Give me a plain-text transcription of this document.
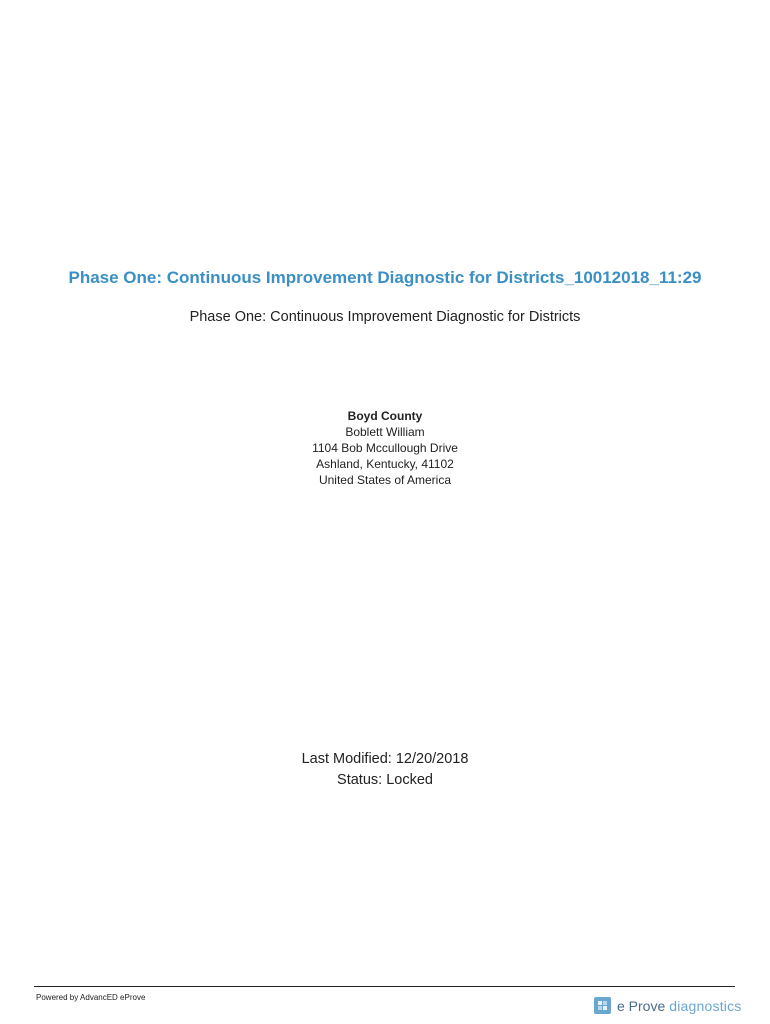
Phase One: Continuous Improvement Diagnostic for Districts_10012018_11:29
Phase One: Continuous Improvement Diagnostic for Districts
Boyd County
Boblett William
1104 Bob Mccullough Drive
Ashland, Kentucky, 41102
United States of America
Last Modified: 12/20/2018
Status: Locked
Powered by AdvancED eProve	e Prove diagnostics
